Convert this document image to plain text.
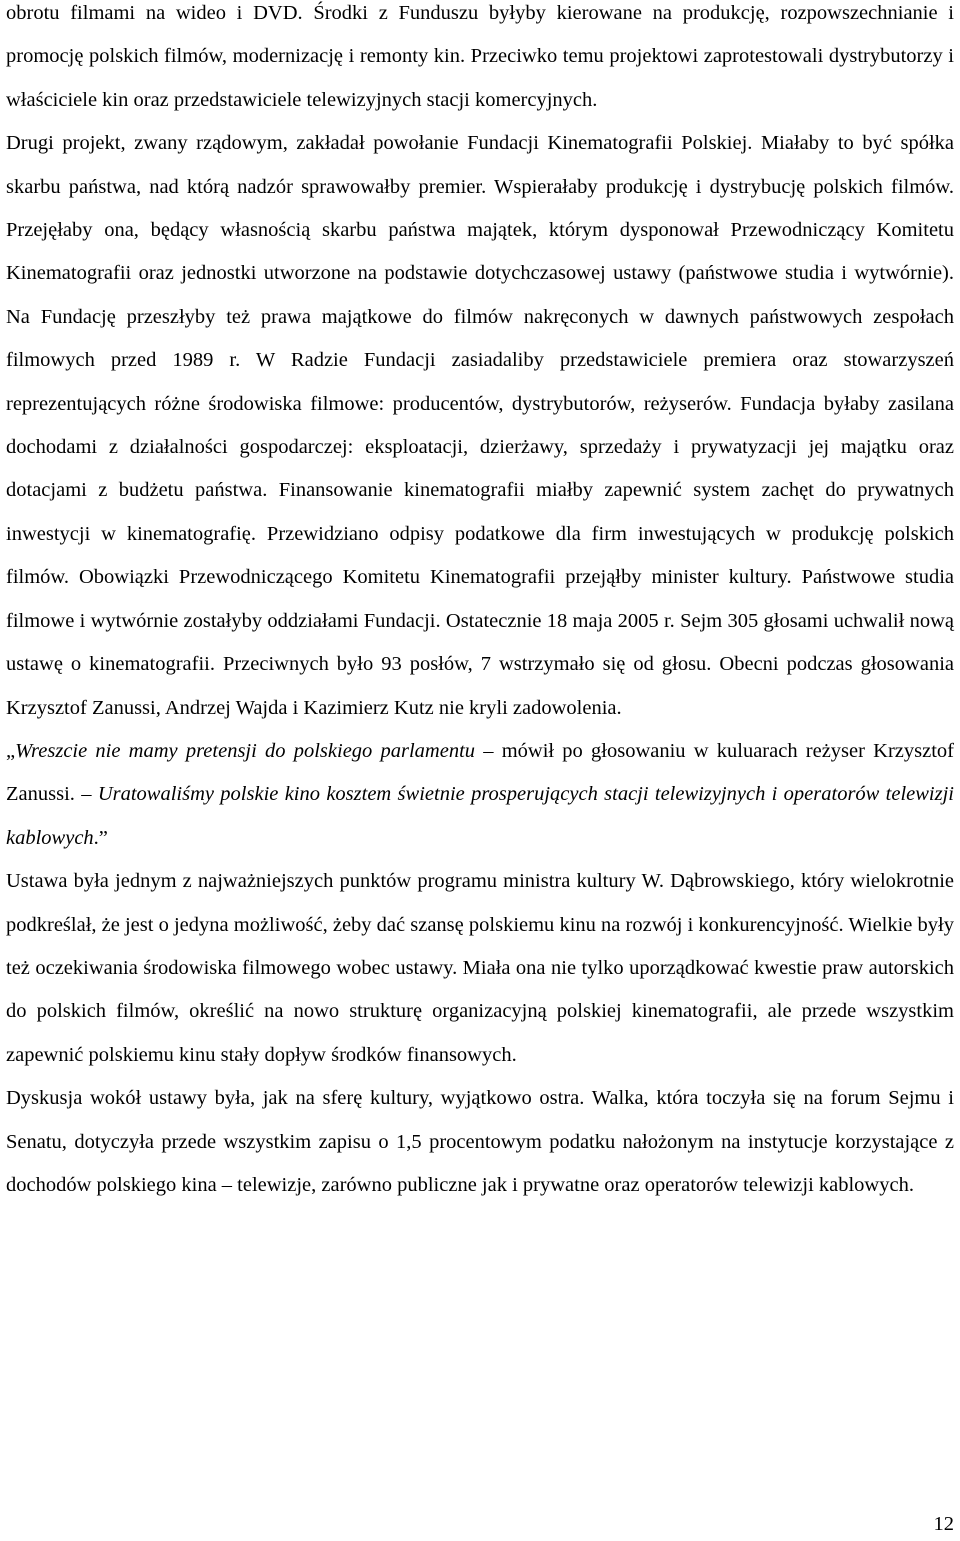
obrotu filmami na wideo i DVD. Środki z Funduszu byłyby kierowane na produkcję, rozpowszechnianie i promocję polskich filmów, modernizację i remonty kin. Przeciwko temu projektowi zaprotestowali dystrybutorzy i właściciele kin oraz przedstawiciele telewizyjnych stacji komercyjnych.

Drugi projekt, zwany rządowym, zakładał powołanie Fundacji Kinematografii Polskiej. Miałaby to być spółka skarbu państwa, nad którą nadzór sprawowałby premier. Wspierałaby produkcję i dystrybucję polskich filmów. Przejęłaby ona, będący własnością skarbu państwa majątek, którym dysponował Przewodniczący Komitetu Kinematografii oraz jednostki utworzone na podstawie dotychczasowej ustawy (państwowe studia i wytwórnie). Na Fundację przeszłyby też prawa majątkowe do filmów nakręconych w dawnych państwowych zespołach filmowych przed 1989 r. W Radzie Fundacji zasiadaliby przedstawiciele premiera oraz stowarzyszeń reprezentujących różne środowiska filmowe: producentów, dystrybutorów, reżyserów. Fundacja byłaby zasilana dochodami z działalności gospodarczej: eksploatacji, dzierżawy, sprzedaży i prywatyzacji jej majątku oraz dotacjami z budżetu państwa. Finansowanie kinematografii miałby zapewnić system zachęt do prywatnych inwestycji w kinematografię. Przewidziano odpisy podatkowe dla firm inwestujących w produkcję polskich filmów. Obowiązki Przewodniczącego Komitetu Kinematografii przejąłby minister kultury. Państwowe studia filmowe i wytwórnie zostałyby oddziałami Fundacji. Ostatecznie 18 maja 2005 r. Sejm 305 głosami uchwalił nową ustawę o kinematografii. Przeciwnych było 93 posłów, 7 wstrzymało się od głosu. Obecni podczas głosowania Krzysztof Zanussi, Andrzej Wajda i Kazimierz Kutz nie kryli zadowolenia.

„Wreszcie nie mamy pretensji do polskiego parlamentu – mówił po głosowaniu w kuluarach reżyser Krzysztof Zanussi. – Uratowaliśmy polskie kino kosztem świetnie prosperujących stacji telewizyjnych i operatorów telewizji kablowych.”

Ustawa była jednym z najważniejszych punktów programu ministra kultury W. Dąbrowskiego, który wielokrotnie podkreślał, że jest o jedyna możliwość, żeby dać szansę polskiemu kinu na rozwój i konkurencyjność. Wielkie były też oczekiwania środowiska filmowego wobec ustawy. Miała ona nie tylko uporządkować kwestie praw autorskich do polskich filmów, określić na nowo strukturę organizacyjną polskiej kinematografii, ale przede wszystkim zapewnić polskiemu kinu stały dopływ środków finansowych.

Dyskusja wokół ustawy była, jak na sferę kultury, wyjątkowo ostra. Walka, która toczyła się na forum Sejmu i Senatu, dotyczyła przede wszystkim zapisu o 1,5 procentowym podatku nałożonym na instytucje korzystające z dochodów polskiego kina – telewizje, zarówno publiczne jak i prywatne oraz operatorów telewizji kablowych.

12
